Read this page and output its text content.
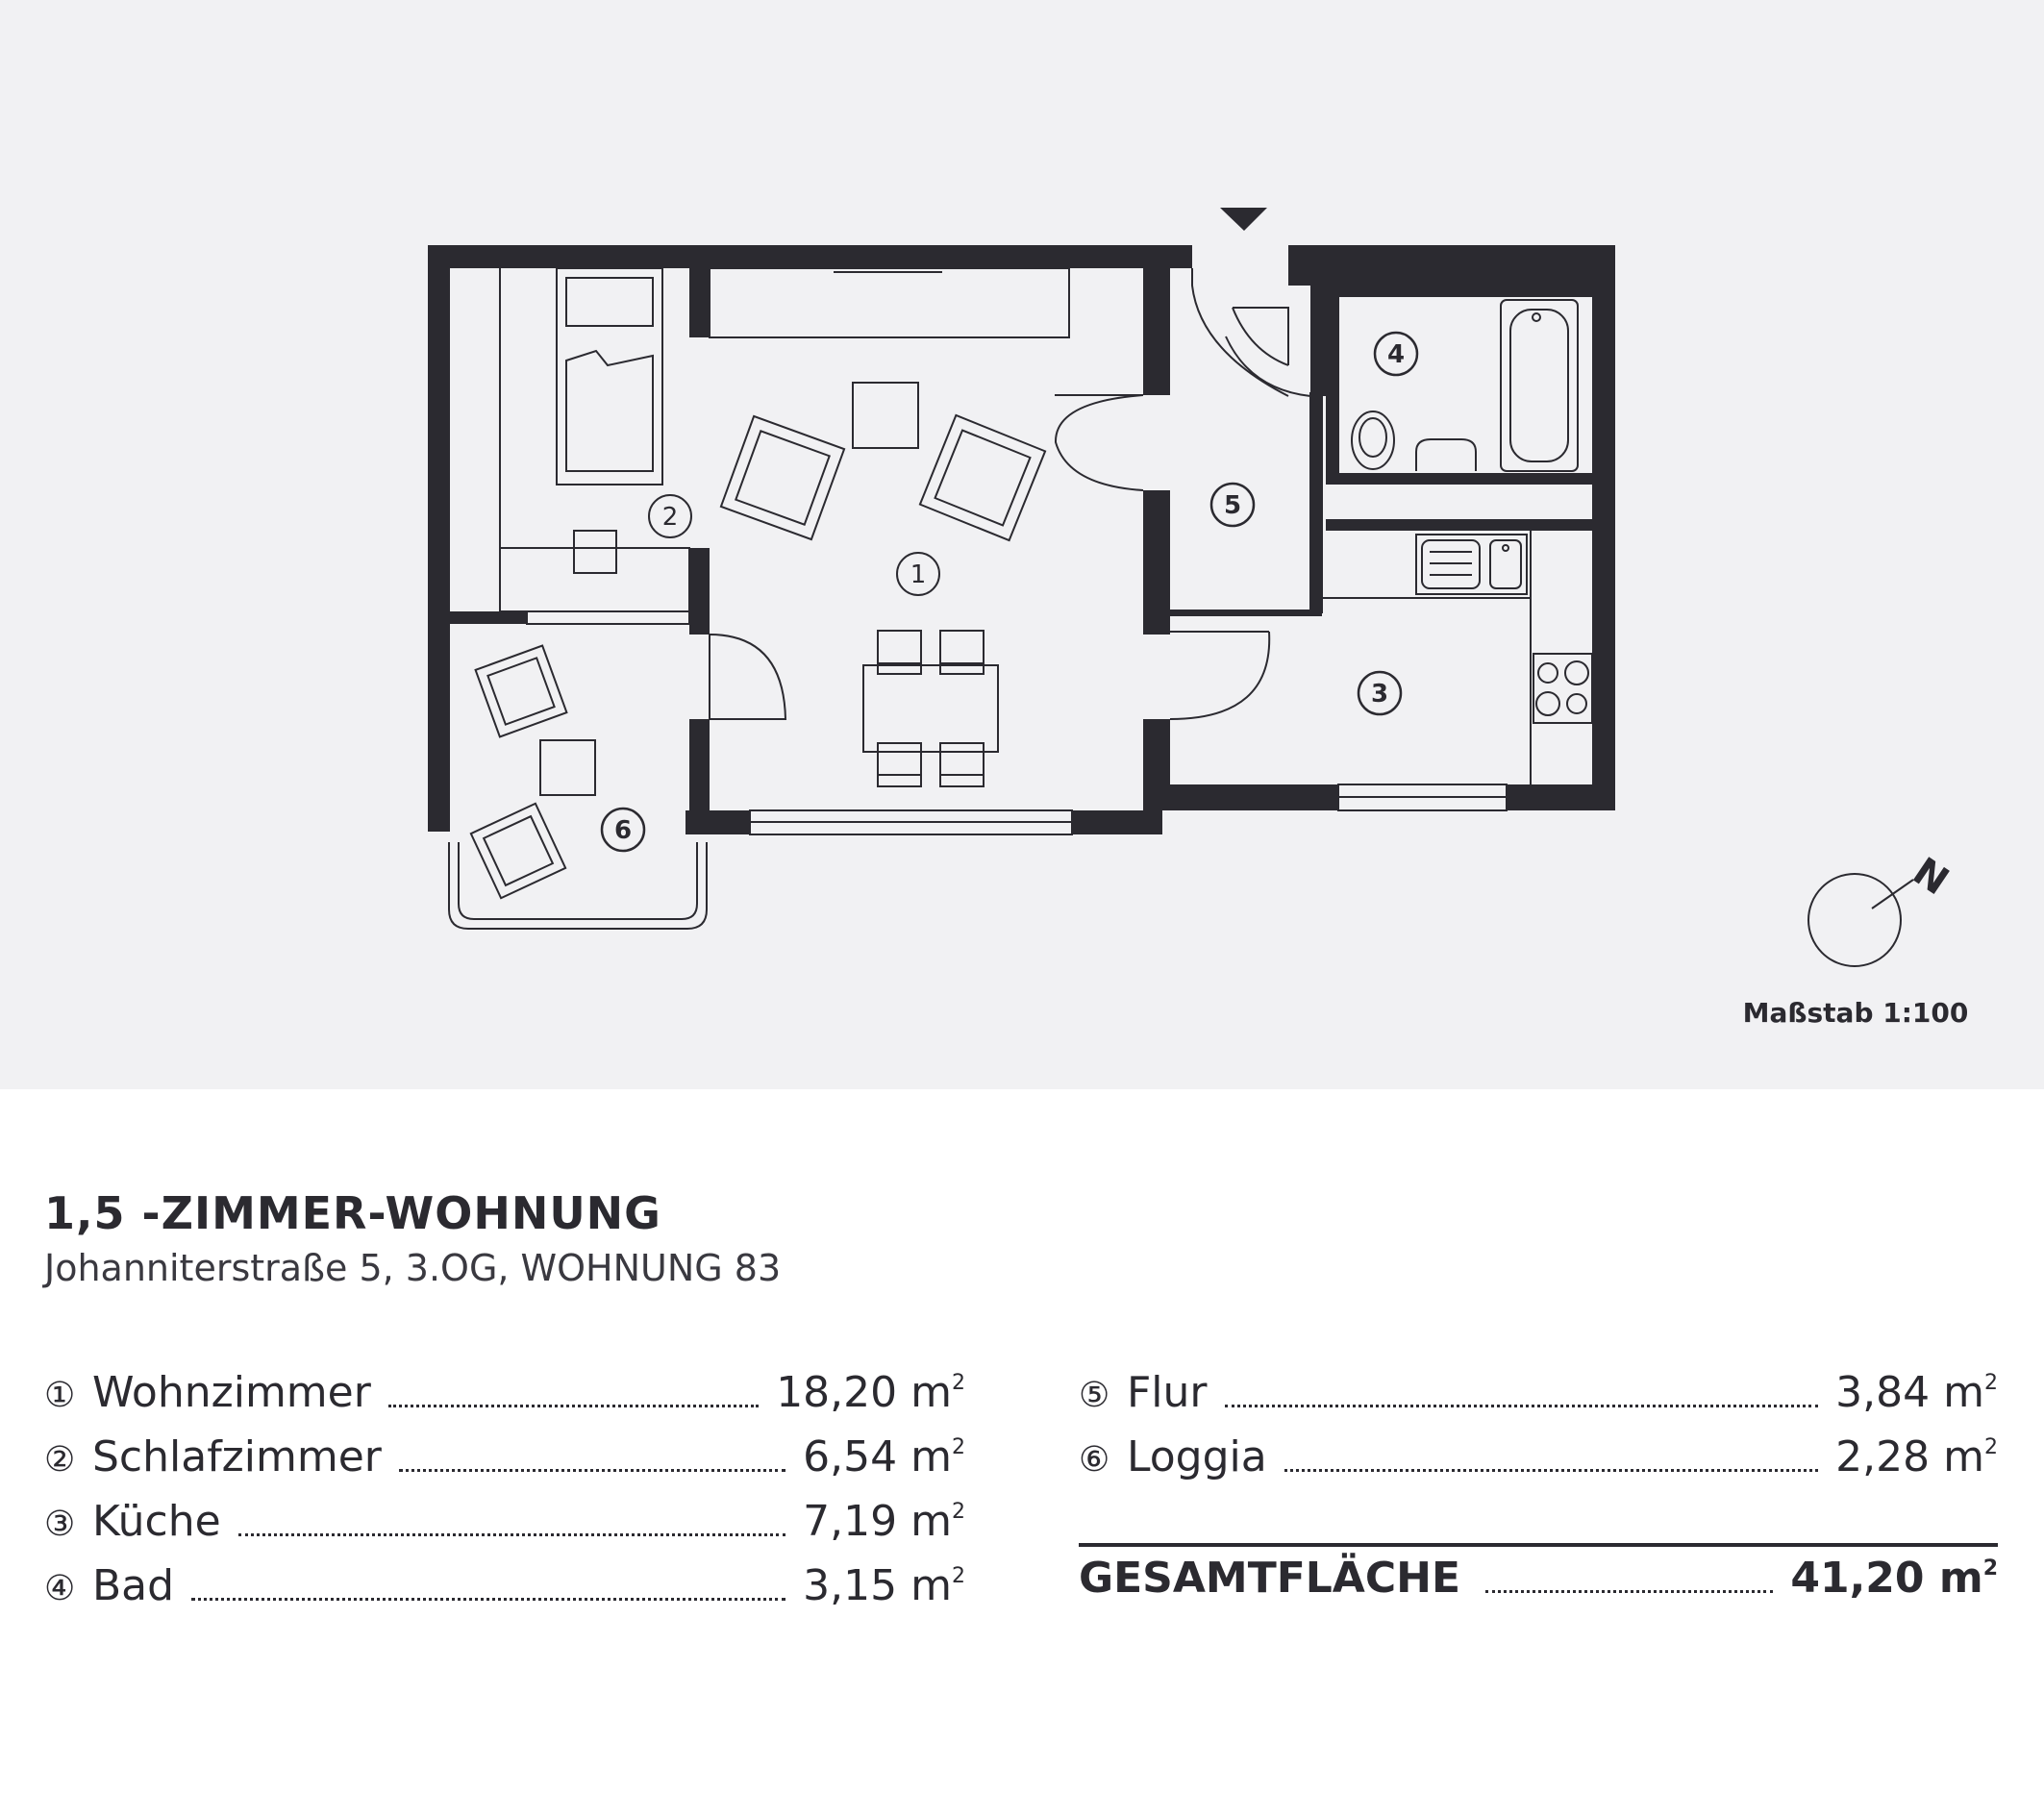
1
2
3
4
5
6
N
Maßstab 1:100
1,5 -ZIMMER-WOHNUNG
Johanniterstraße 5, 3.OG, WOHNUNG 83
① Wohnzimmer	18,20 $m^2$
② Schlafzimmer	6,54 $m^2$
③ Küche	7,19 $m^2$
④ Bad	3,15 $m^2$
⑤ Flur	3,84 $m^2$
⑥ Loggia	2,28 $m^2$
GESAMTFLÄCHE	41,20 $m^2$
